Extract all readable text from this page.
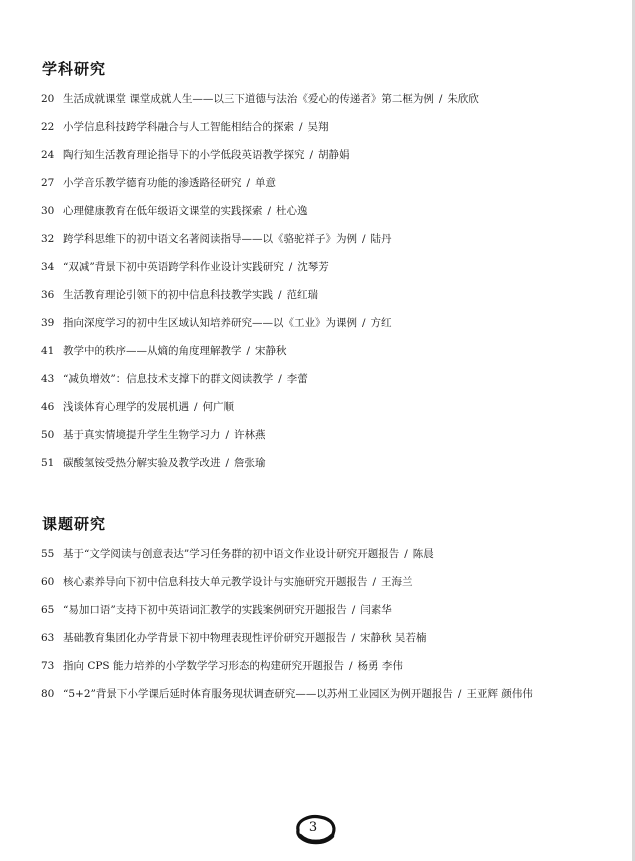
学科研究
20 生活成就课堂 课堂成就人生——以三下道德与法治《爱心的传递者》第二框为例 / 朱欣欣
22 小学信息科技跨学科融合与人工智能相结合的探索 / 吴翔
24 陶行知生活教育理论指导下的小学低段英语教学探究 / 胡静娟
27 小学音乐教学德育功能的渗透路径研究 / 单意
30 心理健康教育在低年级语文课堂的实践探索 / 杜心逸
32 跨学科思维下的初中语文名著阅读指导——以《骆驼祥子》为例 / 陆丹
34 “双减”背景下初中英语跨学科作业设计实践研究 / 沈琴芳
36 生活教育理论引领下的初中信息科技教学实践 / 范红瑞
39 指向深度学习的初中生区域认知培养研究——以《工业》为课例 / 方红
41 教学中的秩序——从熵的角度理解教学 / 宋静秋
43 “减负增效”：信息技术支撑下的群文阅读教学 / 李蕾
46 浅谈体育心理学的发展机遇 / 何广顺
50 基于真实情境提升学生生物学习力 / 许林燕
51 碳酸氢铵受热分解实验及教学改进 / 詹张瑜
课题研究
55 基于“文学阅读与创意表达”学习任务群的初中语文作业设计研究开题报告 / 陈晨
60 核心素养导向下初中信息科技大单元教学设计与实施研究开题报告 / 王海兰
65 “易加口语”支持下初中英语词汇教学的实践案例研究开题报告 / 闫素华
63 基础教育集团化办学背景下初中物理表现性评价研究开题报告 / 宋静秋 吴若楠
73 指向 CPS 能力培养的小学数学学习形态的构建研究开题报告 / 杨勇 李伟
80 “5+2”背景下小学课后延时体育服务现状调查研究——以苏州工业园区为例开题报告 / 王亚辉 颜伟伟
3
